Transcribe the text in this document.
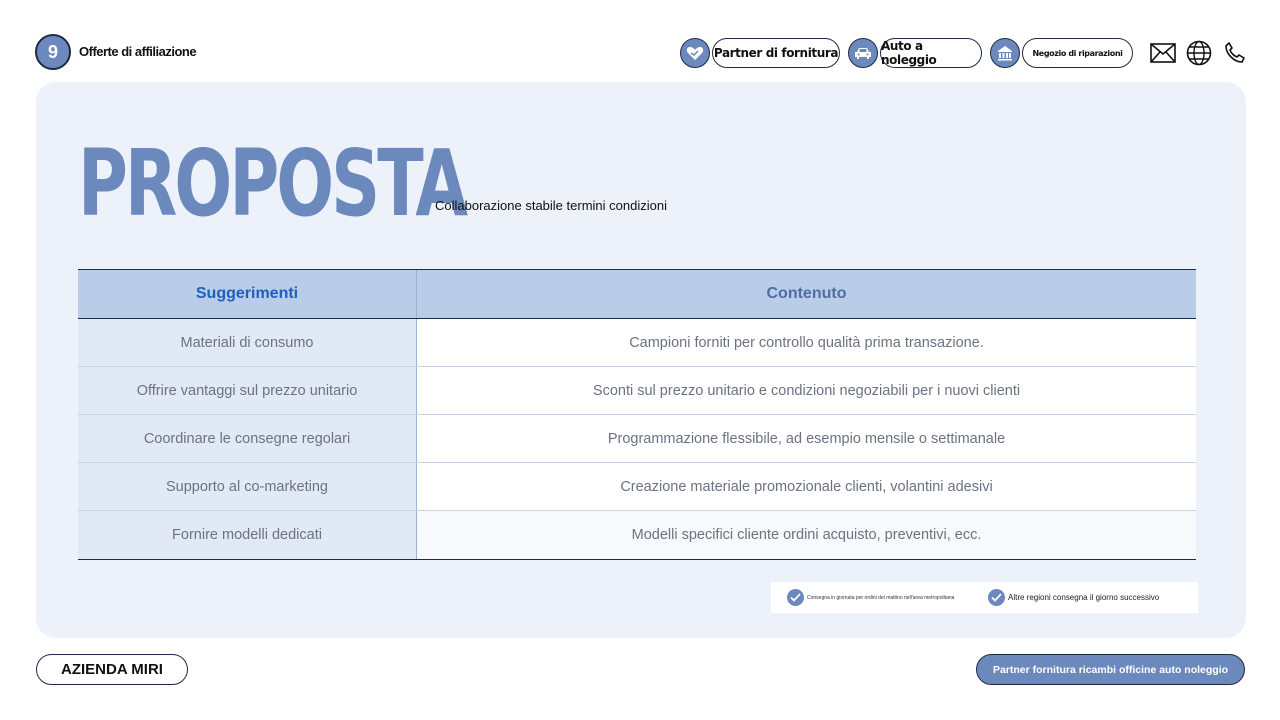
9	Offerte di affiliazione	Partner di fornitura	Auto a noleggio	Negozio di riparazioni
PROPOSTA
Collaborazione stabile termini condizioni
Suggerimenti	Contenuto
Materiali di consumo	Campioni forniti per controllo qualità prima transazione.
Offrire vantaggi sul prezzo unitario	Sconti sul prezzo unitario e condizioni negoziabili per i nuovi clienti
Coordinare le consegne regolari	Programmazione flessibile, ad esempio mensile o settimanale
Supporto al co-marketing	Creazione materiale promozionale clienti, volantini adesivi
Fornire modelli dedicati	Modelli specifici cliente ordini acquisto, preventivi, ecc.
Consegna in giornata per ordini del mattino nell'area metropolitana	Altre regioni consegna il giorno successivo
AZIENDA MIRI	Partner fornitura ricambi officine auto noleggio
